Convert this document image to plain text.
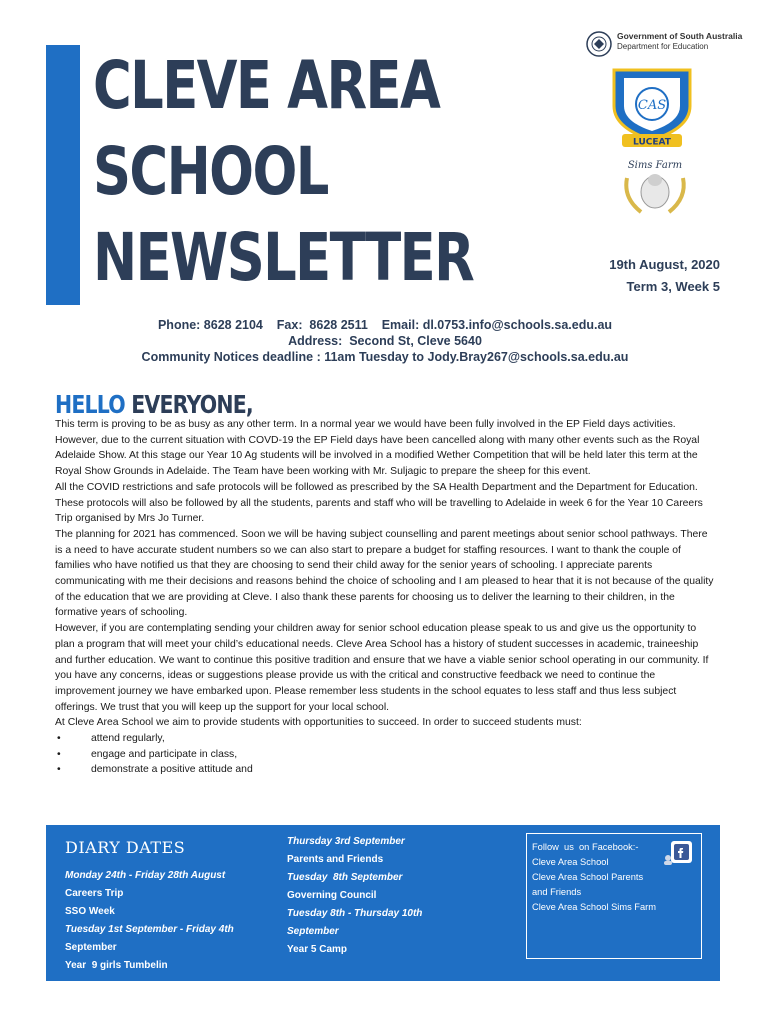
CLEVE AREA
SCHOOL
NEWSLETTER
Government of South Australia
Department for Education
CAS
LUCEAT
Sims Farm
19th August, 2020
Term 3, Week 5
Phone: 8628 2104    Fax:  8628 2511    Email: dl.0753.info@schools.sa.edu.au
Address:  Second St, Cleve 5640
Community Notices deadline : 11am Tuesday to Jody.Bray267@schools.sa.edu.au
HELLO EVERYONE,

This term is proving to be as busy as any other term. In a normal year we would have been fully involved in the EP Field days activities. However, due to the current situation with COVD-19 the EP Field days have been cancelled along with many other events such as the Royal Adelaide Show. At this stage our Year 10 Ag students will be involved in a modified Wether Competition that will be held later this term at the Royal Show Grounds in Adelaide. The Team have been working with Mr. Suljagic to prepare the sheep for this event.

All the COVID restrictions and safe protocols will be followed as prescribed by the SA Health Department and the Department for Education. These protocols will also be followed by all the students, parents and staff who will be travelling to Adelaide in week 6 for the Year 10 Careers Trip organised by Mrs Jo Turner.

The planning for 2021 has commenced. Soon we will be having subject counselling and parent meetings about senior school pathways. There is a need to have accurate student numbers so we can also start to prepare a budget for staffing resources. I want to thank the couple of families who have notified us that they are choosing to send their child away for the senior years of schooling. I appreciate parents communicating with me their decisions and reasons behind the choice of schooling and I am pleased to hear that it is not because of the quality of the education that we are providing at Cleve. I also thank these parents for choosing us to deliver the learning to their children, in the formative years of schooling.

However, if you are contemplating sending your children away for senior school education please speak to us and give us the opportunity to plan a program that will meet your child’s educational needs. Cleve Area School has a history of student successes in academic, traineeship and further education. We want to continue this positive tradition and ensure that we have a viable senior school operating in our community. If you have any concerns, ideas or suggestions please provide us with the critical and constructive feedback we need to continue the improvement journey we have embarked upon. Please remember less students in the school equates to less staff and thus less subject offerings. We trust that you will keep up the support for your local school.

At Cleve Area School we aim to provide students with opportunities to succeed. In order to succeed students must:

• attend regularly,
• engage and participate in class,
• demonstrate a positive attitude and
DIARY DATES
Monday 24th - Friday 28th August
Careers Trip
SSO Week
Tuesday 1st September - Friday 4th
September
Year  9 girls Tumbelin
Thursday 3rd September
Parents and Friends
Tuesday  8th September
Governing Council
Tuesday 8th - Thursday 10th
September
Year 5 Camp
Follow  us  on Facebook:-
Cleve Area School
Cleve Area School Parents
and Friends
Cleve Area School Sims Farm
